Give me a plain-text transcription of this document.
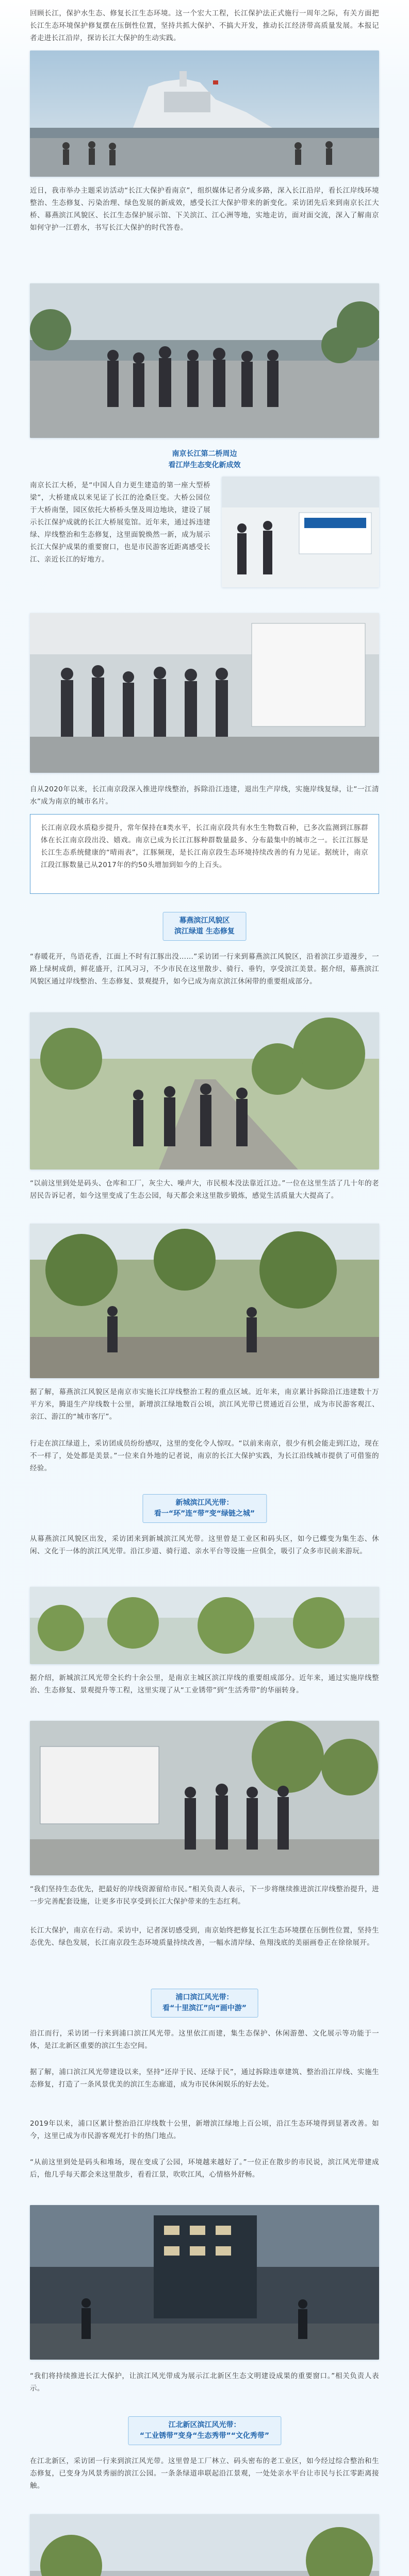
回顾长江，保护水生态、修复长江生态环境。这一个宏大工程，长江保护法正式施行一周年之际，有关方面把长江生态环境保护修复摆在压倒性位置，坚持共抓大保护、不搞大开发，推动长江经济带高质量发展。本报记者走进长江沿岸，探访长江大保护的生动实践。

近日，我市举办主题采访活动“长江大保护看南京”，组织媒体记者分成多路，深入长江沿岸，看长江岸线环境整治、生态修复、污染治理、绿色发展的新成效，感受长江大保护带来的新变化。采访团先后来到南京长江大桥、幕燕滨江风貌区、长江生态保护展示馆、下关滨江、江心洲等地，实地走访，面对面交流，深入了解南京如何守护一江碧水，书写长江大保护的时代答卷。

南京长江第二桥周边
看江岸生态变化新成效

南京长江大桥，是“中国人自力更生建造的第一座大型桥梁”，大桥建成以来见证了长江的沧桑巨变。大桥公园位于大桥南堡，园区依托大桥桥头堡及周边地块，建设了展示长江保护成就的长江大桥展览馆。近年来，通过拆违建绿、岸线整治和生态修复，这里面貌焕然一新，成为展示长江大保护成果的重要窗口，也是市民游客近距离感受长江、亲近长江的好地方。

自从2020年以来，长江南京段深入推进岸线整治，拆除沿江违建，退出生产岸线，实施岸线复绿，让“一江清水”成为南京的城市名片。

长江南京段水质稳步提升，常年保持在Ⅱ类水平，长江南京段共有水生生物数百种，已多次监测到江豚群体在长江南京段出没、嬉戏。南京已成为长江江豚种群数量最多、分布最集中的城市之一。长江江豚是长江生态系统健康的“晴雨表”，江豚频现，是长江南京段生态环境持续改善的有力见证。据统计，南京江段江豚数量已从2017年的约50头增加到如今的上百头。
幕燕滨江风貌区
滨江绿道 生态修复

“春暖花开，鸟语花香，江面上不时有江豚出没……”采访团一行来到幕燕滨江风貌区，沿着滨江步道漫步，一路上绿树成荫，鲜花盛开，江风习习，不少市民在这里散步、骑行、垂钓，享受滨江美景。据介绍，幕燕滨江风貌区通过岸线整治、生态修复、景观提升，如今已成为南京滨江休闲带的重要组成部分。

“以前这里到处是码头、仓库和工厂，灰尘大、噪声大，市民根本没法靠近江边。”一位在这里生活了几十年的老居民告诉记者，如今这里变成了生态公园，每天都会来这里散步锻炼，感觉生活质量大大提高了。

据了解，幕燕滨江风貌区是南京市实施长江岸线整治工程的重点区域。近年来，南京累计拆除沿江违建数十万平方米，腾退生产岸线数十公里，新增滨江绿地数百公顷，滨江风光带已贯通近百公里，成为市民游客观江、亲江、游江的“城市客厅”。

行走在滨江绿道上，采访团成员纷纷感叹，这里的变化令人惊叹。“以前来南京，很少有机会能走到江边，现在不一样了，处处都是美景。”一位来自外地的记者说，南京的长江大保护实践，为长江沿线城市提供了可借鉴的经验。

新城滨江风光带：
看一“环”连“带”变“绿链之城”

从幕燕滨江风貌区出发，采访团来到新城滨江风光带。这里曾是工业区和码头区，如今已蝶变为集生态、休闲、文化于一体的滨江风光带。沿江步道、骑行道、亲水平台等设施一应俱全，吸引了众多市民前来游玩。

据介绍，新城滨江风光带全长约十余公里，是南京主城区滨江岸线的重要组成部分。近年来，通过实施岸线整治、生态修复、景观提升等工程，这里实现了从“工业锈带”到“生活秀带”的华丽转身。

“我们坚持生态优先，把最好的岸线资源留给市民。”相关负责人表示，下一步将继续推进滨江岸线整治提升，进一步完善配套设施，让更多市民享受到长江大保护带来的生态红利。

长江大保护，南京在行动。采访中，记者深切感受到，南京始终把修复长江生态环境摆在压倒性位置，坚持生态优先、绿色发展，长江南京段生态环境质量持续改善，一幅水清岸绿、鱼翔浅底的美丽画卷正在徐徐展开。

浦口滨江风光带：
看“十里滨江”向“画中游”

沿江而行，采访团一行来到浦口滨江风光带。这里依江而建，集生态保护、休闲游憩、文化展示等功能于一体，是江北新区重要的滨江生态空间。

据了解，浦口滨江风光带建设以来，坚持“还岸于民、还绿于民”，通过拆除违章建筑、整治沿江岸线、实施生态修复，打造了一条风景优美的滨江生态廊道，成为市民休闲娱乐的好去处。

2019年以来，浦口区累计整治沿江岸线数十公里，新增滨江绿地上百公顷，沿江生态环境得到显著改善。如今，这里已成为市民游客观光打卡的热门地点。

“从前这里到处是码头和堆场，现在变成了公园，环境越来越好了。”一位正在散步的市民说，滨江风光带建成后，他几乎每天都会来这里散步，看看江景，吹吹江风，心情格外舒畅。

“我们将持续推进长江大保护，让滨江风光带成为展示江北新区生态文明建设成果的重要窗口。”相关负责人表示。

江北新区滨江风光带：
“工业锈带”变身“生态秀带”“文化秀带”

在江北新区，采访团一行来到滨江风光带。这里曾是工厂林立、码头密布的老工业区，如今经过综合整治和生态修复，已变身为风景秀丽的滨江公园。一条条绿道串联起沿江景观，一处处亲水平台让市民与长江零距离接触。
